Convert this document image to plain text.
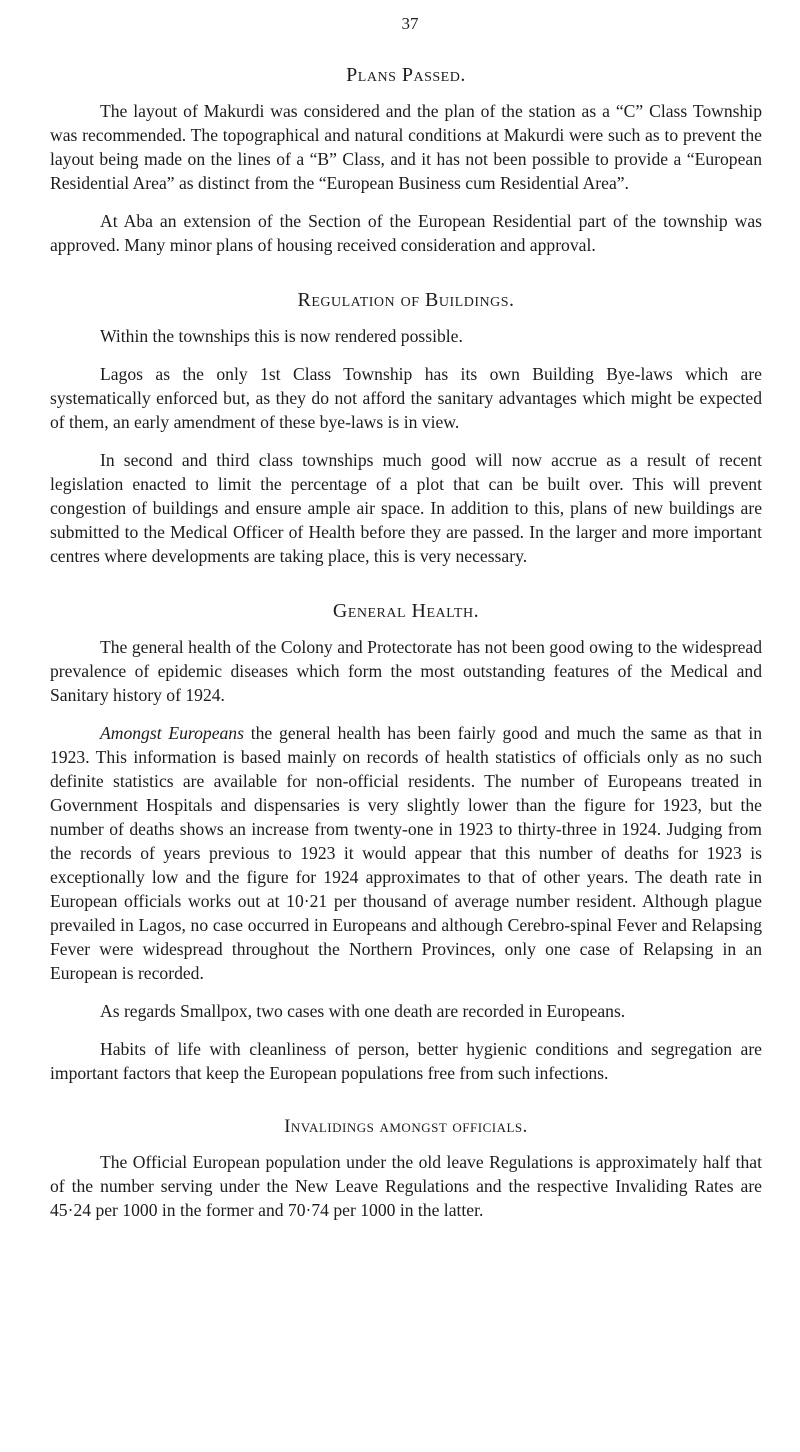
37
Plans Passed.

The layout of Makurdi was considered and the plan of the station as a “C” Class Township was recommended. The topographical and natural conditions at Makurdi were such as to prevent the layout being made on the lines of a “B” Class, and it has not been possible to provide a “European Residential Area” as distinct from the “European Business cum Residential Area”.

At Aba an extension of the Section of the European Residential part of the township was approved. Many minor plans of housing received consideration and approval.

Regulation of Buildings.

Within the townships this is now rendered possible.

Lagos as the only 1st Class Township has its own Building Bye-laws which are systematically enforced but, as they do not afford the sanitary advantages which might be expected of them, an early amendment of these bye-laws is in view.

In second and third class townships much good will now accrue as a result of recent legislation enacted to limit the percentage of a plot that can be built over. This will prevent congestion of buildings and ensure ample air space. In addition to this, plans of new buildings are submitted to the Medical Officer of Health before they are passed. In the larger and more important centres where developments are taking place, this is very necessary.

General Health.

The general health of the Colony and Protectorate has not been good owing to the widespread prevalence of epidemic diseases which form the most outstanding features of the Medical and Sanitary history of 1924.

Amongst Europeans the general health has been fairly good and much the same as that in 1923. This information is based mainly on records of health statistics of officials only as no such definite statistics are available for non-official residents. The number of Europeans treated in Government Hospitals and dispensaries is very slightly lower than the figure for 1923, but the number of deaths shows an increase from twenty-one in 1923 to thirty-three in 1924. Judging from the records of years previous to 1923 it would appear that this number of deaths for 1923 is exceptionally low and the figure for 1924 approximates to that of other years. The death rate in European officials works out at 10·21 per thousand of average number resident. Although plague prevailed in Lagos, no case occurred in Europeans and although Cerebro-spinal Fever and Relapsing Fever were widespread throughout the Northern Provinces, only one case of Relapsing in an European is recorded.

As regards Smallpox, two cases with one death are recorded in Europeans.

Habits of life with cleanliness of person, better hygienic conditions and segregation are important factors that keep the European populations free from such infections.

Invalidings amongst officials.

The Official European population under the old leave Regulations is approximately half that of the number serving under the New Leave Regulations and the respective Invaliding Rates are 45·24 per 1000 in the former and 70·74 per 1000 in the latter.
